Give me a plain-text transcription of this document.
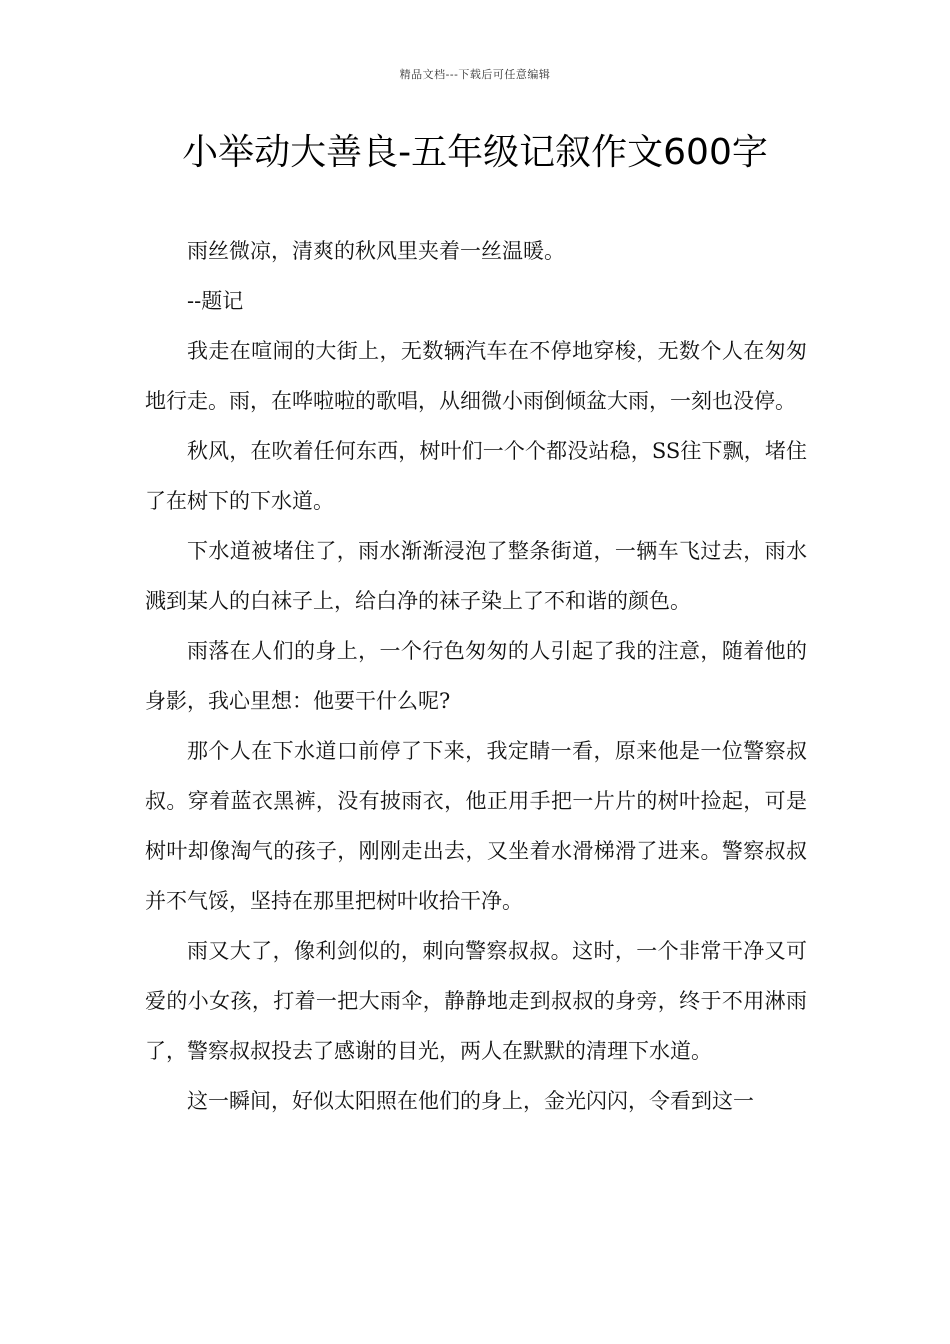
精品文档---下载后可任意编辑
小举动大善良-五年级记叙作文600字

雨丝微凉，清爽的秋风里夹着一丝温暖。

--题记

我走在喧闹的大街上，无数辆汽车在不停地穿梭，无数个人在匆匆地行走。雨，在哗啦啦的歌唱，从细微小雨倒倾盆大雨，一刻也没停。

秋风，在吹着任何东西，树叶们一个个都没站稳，SS往下飘，堵住了在树下的下水道。

下水道被堵住了，雨水渐渐浸泡了整条街道，一辆车飞过去，雨水溅到某人的白袜子上，给白净的袜子染上了不和谐的颜色。

雨落在人们的身上，一个行色匆匆的人引起了我的注意，随着他的身影，我心里想：他要干什么呢?

那个人在下水道口前停了下来，我定睛一看，原来他是一位警察叔叔。穿着蓝衣黑裤，没有披雨衣，他正用手把一片片的树叶捡起，可是树叶却像淘气的孩子，刚刚走出去，又坐着水滑梯滑了进来。警察叔叔并不气馁，坚持在那里把树叶收拾干净。

雨又大了，像利剑似的，刺向警察叔叔。这时，一个非常干净又可爱的小女孩，打着一把大雨伞，静静地走到叔叔的身旁，终于不用淋雨了，警察叔叔投去了感谢的目光，两人在默默的清理下水道。

这一瞬间，好似太阳照在他们的身上，金光闪闪，令看到这一
